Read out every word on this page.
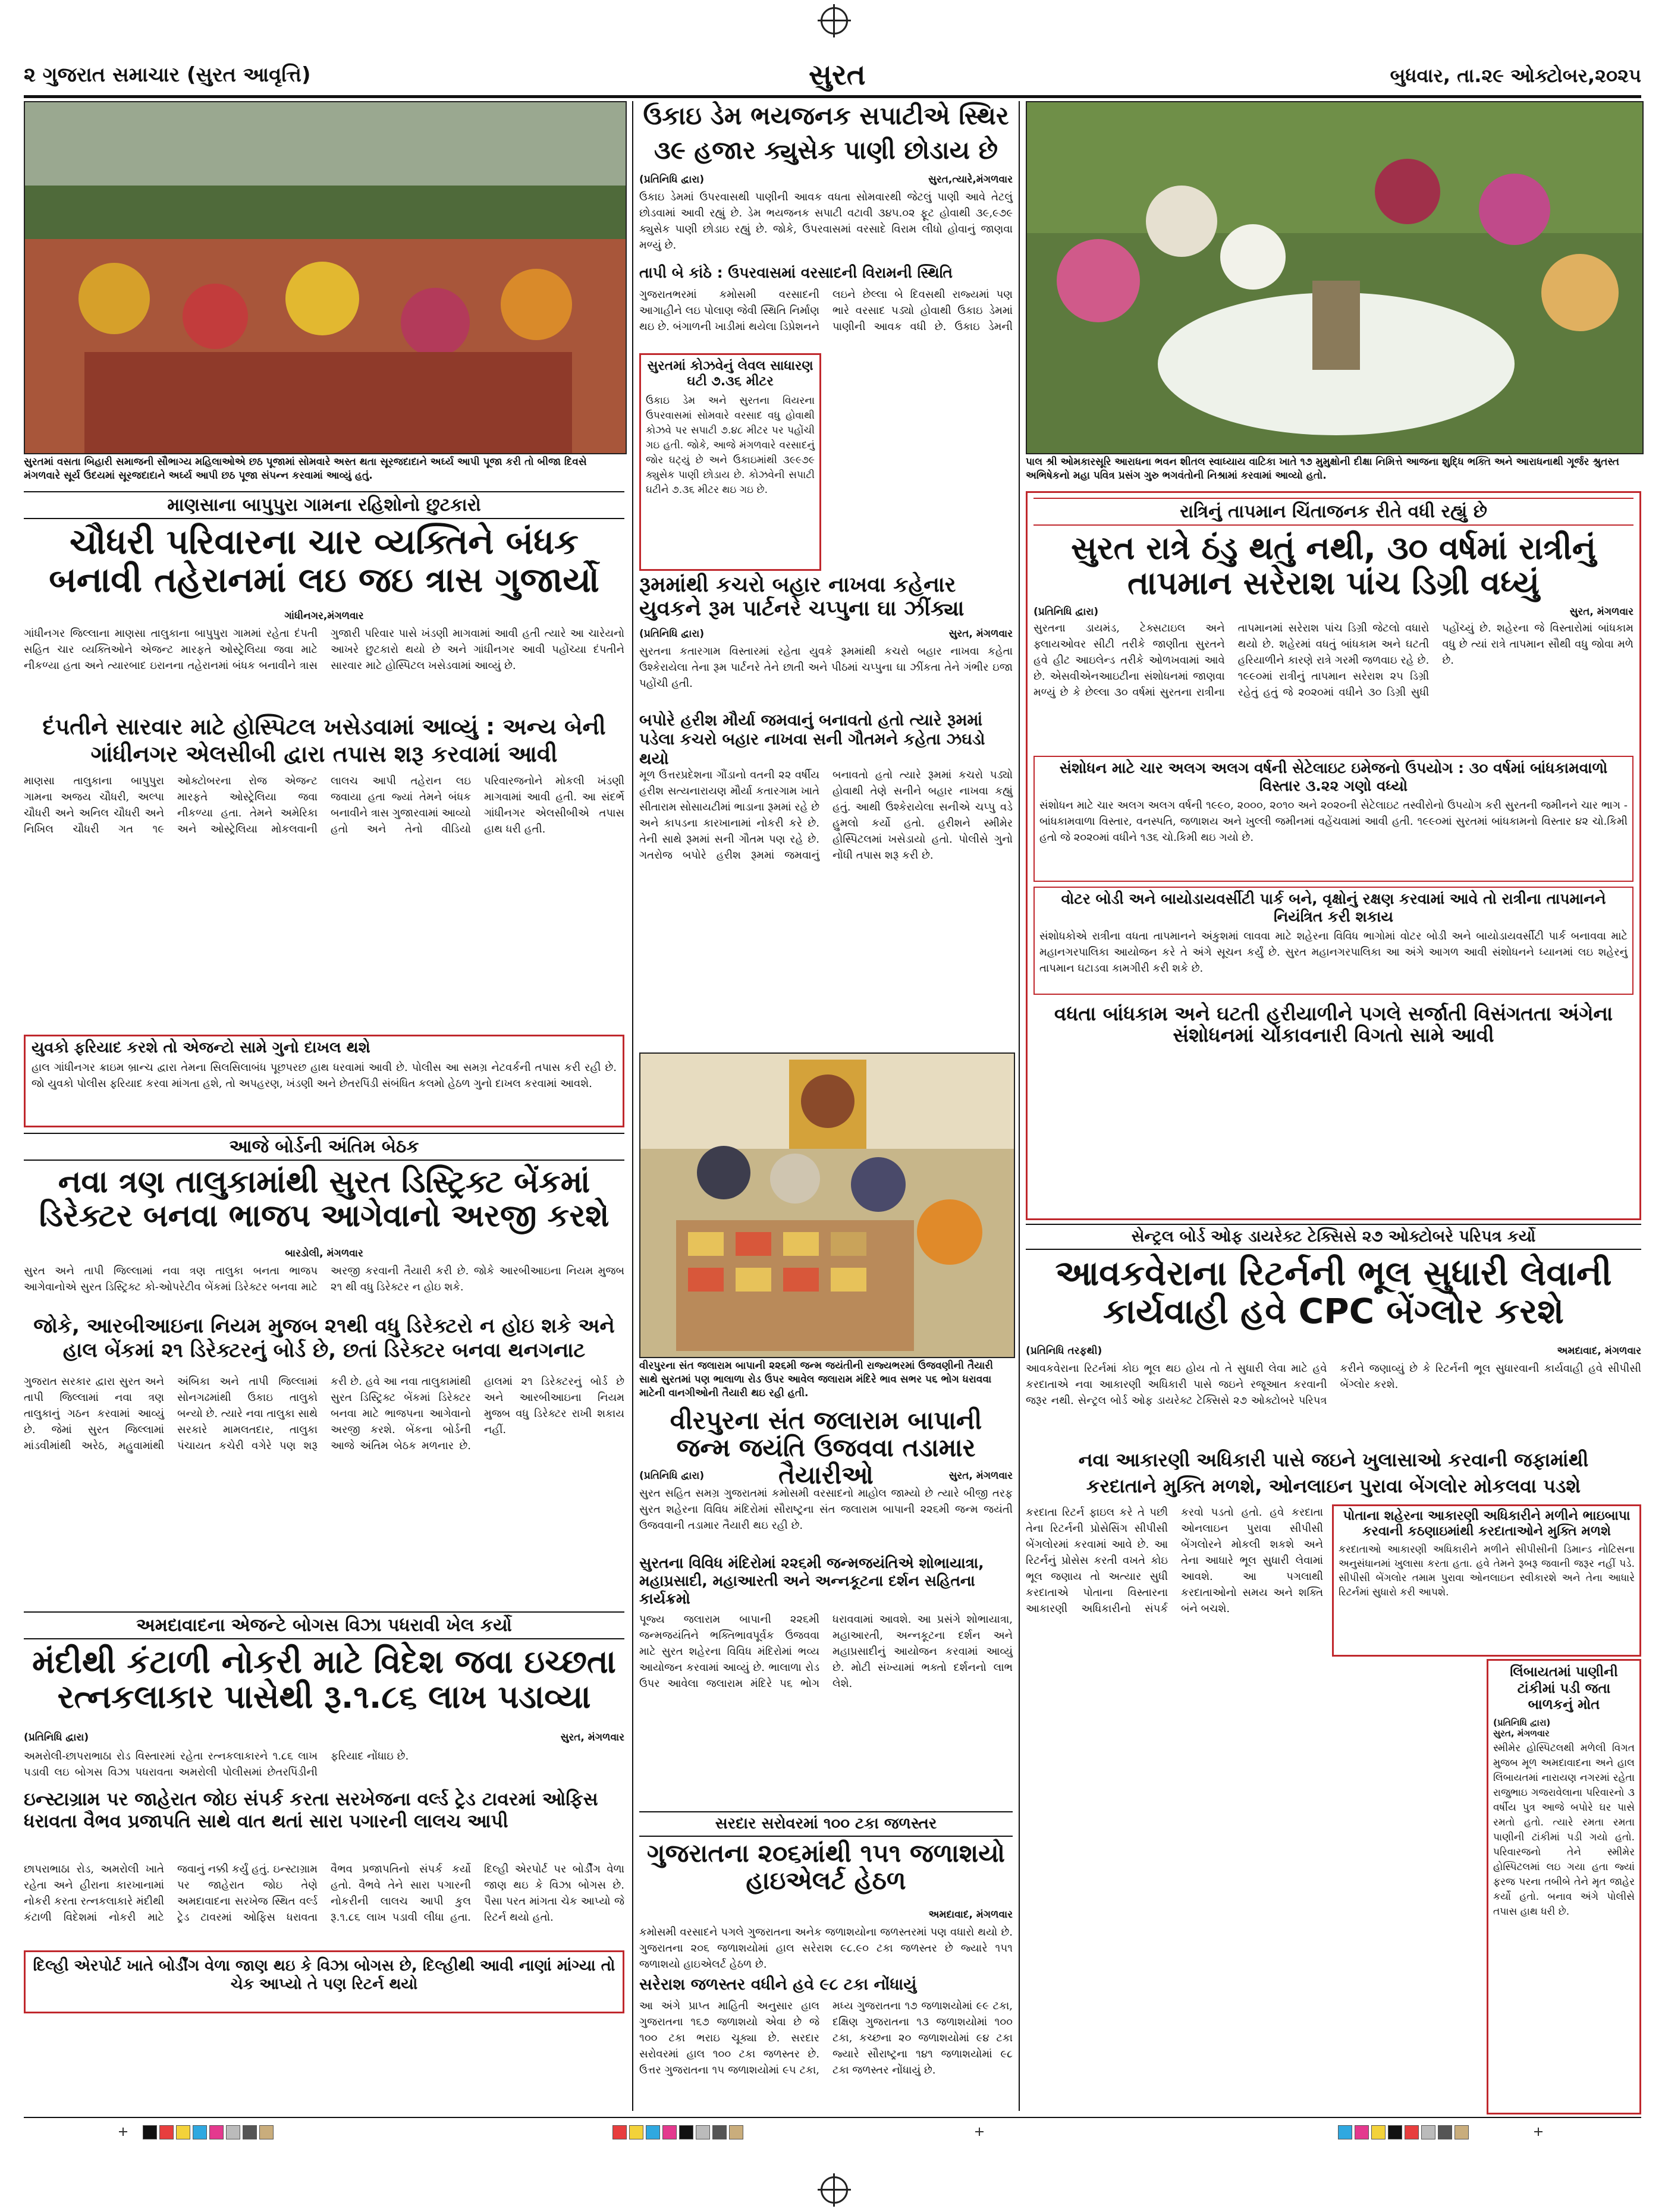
૨ ગુજરાત સમાચાર (સુરત આવૃત્તિ)	સુરત	બુધવાર, તા.૨૯ ઓક્ટોબર,૨૦૨૫
સુરતમાં વસતા બિહારી સમાજની સૌભાગ્ય મહિલાઓએ છઠ પૂજામાં સોમવારે અસ્ત થતા સૂરજદાદાને અર્ઘ્ય આપી પૂજા કરી તો બીજા દિવસે મંગળવારે સૂર્ય ઉદયમાં સૂરજદાદાને અર્ઘ્ય આપી છઠ પૂજા સંપન્ન કરવામાં આવ્યું હતું.
માણસાના બાપુપુરા ગામના રહિશોનો છુટકારો
ચૌધરી પરિવારના ચાર વ્યક્તિને બંધક બનાવી તહેરાનમાં લઇ જઇ ત્રાસ ગુજાર્યો
ગાંધીનગર,મંગળવાર
ગાંધીનગર જિલ્લાના માણસા તાલુકાના બાપુપુરા ગામમાં રહેતા દંપતી સહિત ચાર વ્યક્તિઓને એજન્ટ મારફતે ઓસ્ટ્રેલિયા જવા માટે નીકળ્યા હતા અને ત્યારબાદ ઇરાનના તહેરાનમાં બંધક બનાવીને ત્રાસ ગુજારી પરિવાર પાસે ખંડણી માગવામાં આવી હતી ત્યારે આ ચારેયનો આખરે છુટકારો થયો છે અને ગાંધીનગર આવી પહોંચ્યા દંપતીને સારવાર માટે હોસ્પિટલ ખસેડવામાં આવ્યું છે.
દંપતીને સારવાર માટે હોસ્પિટલ ખસેડવામાં આવ્યું : અન્ય બેની ગાંધીનગર એલસીબી દ્વારા તપાસ શરૂ કરવામાં આવી
માણસા તાલુકાના બાપુપુરા ગામના અજય ચૌધરી, અલ્પા ચૌધરી અને અનિલ ચૌધરી અને નિખિલ ચૌધરી ગત ૧૯ ઓક્ટોબરના રોજ એજન્ટ મારફતે ઓસ્ટ્રેલિયા જવા નીકળ્યા હતા. તેમને અમેરિકા અને ઓસ્ટ્રેલિયા મોકલવાની લાલચ આપી તહેરાન લઇ જવાયા હતા જ્યાં તેમને બંધક બનાવીને ત્રાસ ગુજારવામાં આવ્યો હતો અને તેનો વીડિયો પરિવારજનોને મોકલી ખંડણી માગવામાં આવી હતી. આ સંદર્ભે ગાંધીનગર એલસીબીએ તપાસ હાથ ધરી હતી.
યુવકો ફરિયાદ કરશે તો એજન્ટો સામે ગુનો દાખલ થશે
હાલ ગાંધીનગર ક્રાઇમ બ્રાન્ચ દ્વારા તેમના સિલસિલાબંધ પૂછપરછ હાથ ધરવામાં આવી છે. પોલીસ આ સમગ્ર નેટવર્કની તપાસ કરી રહી છે. જો યુવકો પોલીસ ફરિયાદ કરવા માંગતા હશે, તો અપહરણ, ખંડણી અને છેતરપિંડી સંબંધિત કલમો હેઠળ ગુનો દાખલ કરવામાં આવશે.
આજે બોર્ડની અંતિમ બેઠક
નવા ત્રણ તાલુકામાંથી સુરત ડિસ્ટ્રિક્ટ બેંકમાં ડિરેક્ટર બનવા ભાજપ આગેવાનો અરજી કરશે
બારડોલી, મંગળવાર
સુરત અને તાપી જિલ્લામાં નવા ત્રણ તાલુકા બનતા ભાજપ આગેવાનોએ સુરત ડિસ્ટ્રિક્ટ કો-ઓપરેટીવ બેંકમાં ડિરેક્ટર બનવા માટે અરજી કરવાની તૈયારી કરી છે. જોકે આરબીઆઇના નિયમ મુજબ ૨૧ થી વધુ ડિરેક્ટર ન હોઇ શકે.
જોકે, આરબીઆઇના નિયમ મુજબ ૨૧થી વધુ ડિરેક્ટરો ન હોઇ શકે અને હાલ બેંકમાં ૨૧ ડિરેક્ટરનું બોર્ડ છે, છતાં ડિરેક્ટર બનવા થનગનાટ
ગુજરાત સરકાર દ્વારા સુરત અને તાપી જિલ્લામાં નવા ત્રણ તાલુકાનું ગઠન કરવામાં આવ્યું છે. જેમાં સુરત જિલ્લામાં માંડવીમાંથી અરેઠ, મહુવામાંથી અંબિકા અને તાપી જિલ્લામાં સોનગઢમાંથી ઉકાઇ તાલુકો બન્યો છે. ત્યારે નવા તાલુકા સાથે સરકારે મામલતદાર, તાલુકા પંચાયત કચેરી વગેરે પણ શરૂ કરી છે. હવે આ નવા તાલુકામાંથી સુરત ડિસ્ટ્રિક્ટ બેંકમાં ડિરેક્ટર બનવા માટે ભાજપના આગેવાનો અરજી કરશે. બેંકના બોર્ડની આજે અંતિમ બેઠક મળનાર છે. હાલમાં ૨૧ ડિરેક્ટરનું બોર્ડ છે અને આરબીઆઇના નિયમ મુજબ વધુ ડિરેક્ટર રાખી શકાય નહીં.
અમદાવાદના એજન્ટે બોગસ વિઝા પધરાવી ખેલ કર્યો
મંદીથી કંટાળી નોકરી માટે વિદેશ જવા ઇચ્છતા રત્નકલાકાર પાસેથી રૂ.૧.૮૬ લાખ પડાવ્યા
(પ્રતિનિધિ દ્વારા)	સુરત, મંગળવાર
અમરોલી-છાપરાભાઠા રોડ વિસ્તારમાં રહેતા રત્નકલાકારને ૧.૮૬ લાખ પડાવી લઇ બોગસ વિઝા પધરાવતા અમરોલી પોલીસમાં છેતરપિંડીની ફરિયાદ નોંધાઇ છે.
ઇન્સ્ટાગ્રામ પર જાહેરાત જોઇ સંપર્ક કરતા સરખેજના વર્લ્ડ ટ્રેડ ટાવરમાં ઓફિસ ધરાવતા વૈભવ પ્રજાપતિ સાથે વાત થતાં સારા પગારની લાલચ આપી
છાપરાભાઠા રોડ, અમરોલી ખાતે રહેતા અને હીરાના કારખાનામાં નોકરી કરતા રત્નકલાકારે મંદીથી કંટાળી વિદેશમાં નોકરી માટે જવાનું નક્કી કર્યું હતું. ઇન્સ્ટાગ્રામ પર જાહેરાત જોઇ તેણે અમદાવાદના સરખેજ સ્થિત વર્લ્ડ ટ્રેડ ટાવરમાં ઓફિસ ધરાવતા વૈભવ પ્રજાપતિનો સંપર્ક કર્યો હતો. વૈભવે તેને સારા પગારની નોકરીની લાલચ આપી કુલ રૂ.૧.૮૬ લાખ પડાવી લીધા હતા. દિલ્હી એરપોર્ટ પર બોર્ડીંગ વેળા જાણ થઇ કે વિઝા બોગસ છે. પૈસા પરત માંગતા ચેક આપ્યો જે રિટર્ન થયો હતો.
દિલ્હી એરપોર્ટ ખાતે બોર્ડીંગ વેળા જાણ થઇ કે વિઝા બોગસ છે, દિલ્હીથી આવી નાણાં માંગ્યા તો ચેક આપ્યો તે પણ રિટર્ન થયો
ઉકાઇ ડેમ ભયજનક સપાટીએ સ્થિર
૩૯ હજાર ક્યુસેક પાણી છોડાય છે
(પ્રતિનિધિ દ્વારા)	સુરત,ત્યારે,મંગળવાર
ઉકાઇ ડેમમાં ઉપરવાસથી પાણીની આવક વધતા સોમવારથી જેટલું પાણી આવે તેટલું છોડવામાં આવી રહ્યું છે. ડેમ ભયજનક સપાટી વટાવી ૩૪૫.૦૨ ફૂટ હોવાથી ૩૯,૯૭૯ ક્યુસેક પાણી છોડાઇ રહ્યું છે. જોકે, ઉપરવાસમાં વરસાદે વિરામ લીધો હોવાનું જાણવા મળ્યું છે.
તાપી બે કાંઠે : ઉપરવાસમાં વરસાદની વિરામની સ્થિતિ
ગુજરાતભરમાં કમોસમી વરસાદની આગાહીને લઇ પોલાણ જેવી સ્થિતિ નિર્માણ થઇ છે. બંગાળની ખાડીમાં થયેલા ડિપ્રેશનને લઇને છેલ્લા બે દિવસથી રાજ્યમાં પણ ભારે વરસાદ પડ્યો હોવાથી ઉકાઇ ડેમમાં પાણીની આવક વધી છે. ઉકાઇ ડેમની
સુરતમાં કોઝવેનું લેવલ સાધારણ ઘટી ૭.૩૬ મીટર
ઉકાઇ ડેમ અને સુરતના વિયરના ઉપરવાસમાં સોમવારે વરસાદ વધુ હોવાથી કોઝવે પર સપાટી ૭.૪૮ મીટર પર પહોંચી ગઇ હતી. જોકે, આજે મંગળવારે વરસાદનું જોર ઘટ્યું છે અને ઉકાઇમાંથી ૩૯૯૭૯ ક્યુસેક પાણી છોડાય છે. કોઝવેની સપાટી ઘટીને ૭.૩૬ મીટર થઇ ગઇ છે.
રૂમમાંથી કચરો બહાર નાખવા કહેનાર યુવકને રૂમ પાર્ટનરે ચપ્પુના ઘા ઝીંક્યા
(પ્રતિનિધિ દ્વારા)	સુરત, મંગળવાર
સુરતના કતારગામ વિસ્તારમાં રહેતા યુવકે રૂમમાંથી કચરો બહાર નાખવા કહેતા ઉશ્કેરાયેલા તેના રૂમ પાર્ટનરે તેને છાતી અને પીઠમાં ચપ્પુના ઘા ઝીંકતા તેને ગંભીર ઇજા પહોંચી હતી.
બપોરે હરીશ મૌર્યા જમવાનું બનાવતો હતો ત્યારે રૂમમાં પડેલા કચરો બહાર નાખવા સની ગૌતમને કહેતા ઝઘડો થયો
મૂળ ઉત્તરપ્રદેશના ગૌંડાનો વતની ૨૨ વર્ષીય હરીશ સત્યનારાયણ મૌર્યા કતારગામ ખાતે સીતારામ સોસાયટીમાં ભાડાના રૂમમાં રહે છે અને કાપડના કારખાનામાં નોકરી કરે છે. તેની સાથે રૂમમાં સની ગૌતમ પણ રહે છે. ગતરોજ બપોરે હરીશ રૂમમાં જમવાનું બનાવતો હતો ત્યારે રૂમમાં કચરો પડ્યો હોવાથી તેણે સનીને બહાર નાખવા કહ્યું હતું. આથી ઉશ્કેરાયેલા સનીએ ચપ્પુ વડે હુમલો કર્યો હતો. હરીશને સ્મીમેર હોસ્પિટલમાં ખસેડાયો હતો. પોલીસે ગુનો નોંધી તપાસ શરૂ કરી છે.
વીરપુરના સંત જલારામ બાપાની ૨૨૬મી જન્મ જયંતીની રાજ્યભરમાં ઉજવણીની તૈયારી સાથે સુરતમાં પણ ભાલાળા રોડ ઉપર આવેલ જલારામ મંદિરે ભાવ સભર ૫૬ ભોગ ધરાવવા માટેની વાનગીઓની તૈયારી થઇ રહી હતી.
વીરપુરના સંત જલારામ બાપાની જન્મ જયંતિ ઉજવવા તડામાર તૈયારીઓ
(પ્રતિનિધિ દ્વારા)	સુરત, મંગળવાર
સુરત સહિત સમગ્ર ગુજરાતમાં કમોસમી વરસાદનો માહોલ જામ્યો છે ત્યારે બીજી તરફ સુરત શહેરના વિવિધ મંદિરોમાં સૌરાષ્ટ્રના સંત જલારામ બાપાની ૨૨૬મી જન્મ જયંતી ઉજવવાની તડામાર તૈયારી થઇ રહી છે.
સુરતના વિવિધ મંદિરોમાં ૨૨૬મી જન્મજયંતિએ શોભાયાત્રા, મહાપ્રસાદી, મહાઆરતી અને અન્નકૂટના દર્શન સહિતના કાર્યક્રમો
પૂજ્ય જલારામ બાપાની ૨૨૬મી જન્મજયંતિને ભક્તિભાવપૂર્વક ઉજવવા માટે સુરત શહેરના વિવિધ મંદિરોમાં ભવ્ય આયોજન કરવામાં આવ્યું છે. ભાલાળા રોડ ઉપર આવેલા જલારામ મંદિરે ૫૬ ભોગ ધરાવવામાં આવશે. આ પ્રસંગે શોભાયાત્રા, મહાઆરતી, અન્નકૂટના દર્શન અને મહાપ્રસાદીનું આયોજન કરવામાં આવ્યું છે. મોટી સંખ્યામાં ભક્તો દર્શનનો લાભ લેશે.
સરદાર સરોવરમાં ૧૦૦ ટકા જળસ્તર
ગુજરાતના ૨૦૬માંથી ૧૫૧ જળાશયો હાઇએલર્ટ હેઠળ
અમદાવાદ, મંગળવાર
કમોસમી વરસાદને પગલે ગુજરાતના અનેક જળાશયોના જળસ્તરમાં પણ વધારો થયો છે. ગુજરાતના ૨૦૬ જળાશયોમાં હાલ સરેરાશ ૯૮.૯૦ ટકા જળસ્તર છે જ્યારે ૧૫૧ જળાશયો હાઇએલર્ટ હેઠળ છે.
સરેરાશ જળસ્તર વધીને હવે ૯૮ ટકા નોંધાયું
આ અંગે પ્રાપ્ત માહિતી અનુસાર હાલ ગુજરાતના ૧૬૭ જળાશયો એવા છે જે ૧૦૦ ટકા ભરાઇ ચૂક્યા છે. સરદાર સરોવરમાં હાલ ૧૦૦ ટકા જળસ્તર છે. ઉત્તર ગુજરાતના ૧૫ જળાશયોમાં ૯૫ ટકા, મધ્ય ગુજરાતના ૧૭ જળાશયોમાં ૯૯ ટકા, દક્ષિણ ગુજરાતના ૧૩ જળાશયોમાં ૧૦૦ ટકા, કચ્છના ૨૦ જળાશયોમાં ૯૪ ટકા જ્યારે સૌરાષ્ટ્રના ૧૪૧ જળાશયોમાં ૯૮ ટકા જળસ્તર નોંધાયું છે.
પાલ શ્રી ઓમકારસૂરિ આરાધના ભવન શીતલ સ્વાધ્યાય વાટિકા ખાતે ૧૭ મુમુક્ષોની દીક્ષા નિમિત્તે આજના શુદ્ધિ ભક્તિ અને આરાધનાથી ગૂર્જર શ્રુતસ્ત અભિષેકનો મહા પવિત્ર પ્રસંગ ગુરુ ભગવંતોની નિશ્રામાં કરવામાં આવ્યો હતો.
રાત્રિનું તાપમાન ચિંતાજનક રીતે વધી રહ્યું છે
સુરત રાત્રે ઠંડુ થતું નથી, ૩૦ વર્ષમાં રાત્રીનું તાપમાન સરેરાશ પાંચ ડિગ્રી વધ્યું
(પ્રતિનિધિ દ્વારા)	સુરત, મંગળવાર
સુરતના ડાયમંડ, ટેક્સટાઇલ અને ફ્લાયઓવર સીટી તરીકે જાણીતા સુરતને હવે હીટ આઇલેન્ડ તરીકે ઓળખવામાં આવે છે. એસવીએનઆઇટીના સંશોધનમાં જાણવા મળ્યું છે કે છેલ્લા ૩૦ વર્ષમાં સુરતના રાત્રીના તાપમાનમાં સરેરાશ પાંચ ડિગ્રી જેટલો વધારો થયો છે. શહેરમાં વધતું બાંધકામ અને ઘટતી હરિયાળીને કારણે રાત્રે ગરમી જળવાઇ રહે છે. ૧૯૯૦માં રાત્રીનું તાપમાન સરેરાશ ૨૫ ડિગ્રી રહેતું હતું જે ૨૦૨૦માં વધીને ૩૦ ડિગ્રી સુધી પહોંચ્યું છે. શહેરના જે વિસ્તારોમાં બાંધકામ વધુ છે ત્યાં રાત્રે તાપમાન સૌથી વધુ જોવા મળે છે.
સંશોધન માટે ચાર અલગ અલગ વર્ષની સેટેલાઇટ ઇમેજનો ઉપયોગ : ૩૦ વર્ષમાં બાંધકામવાળો વિસ્તાર ૩.૨૨ ગણો વધ્યો
સંશોધન માટે ચાર અલગ અલગ વર્ષની ૧૯૯૦, ૨૦૦૦, ૨૦૧૦ અને ૨૦૨૦ની સેટેલાઇટ તસ્વીરોનો ઉપયોગ કરી સુરતની જમીનને ચાર ભાગ - બાંધકામવાળા વિસ્તાર, વનસ્પતિ, જળાશય અને ખુલ્લી જમીનમાં વહેંચવામાં આવી હતી. ૧૯૯૦માં સુરતમાં બાંધકામનો વિસ્તાર ૪૨ ચો.કિમી હતો જે ૨૦૨૦માં વધીને ૧૩૬ ચો.કિમી થઇ ગયો છે.
વોટર બોડી અને બાયોડાયવર્સીટી પાર્ક બને, વૃક્ષોનું રક્ષણ કરવામાં આવે તો રાત્રીના તાપમાનને નિયંત્રિત કરી શકાય
સંશોધકોએ રાત્રીના વધતા તાપમાનને અંકુશમાં લાવવા માટે શહેરના વિવિધ ભાગોમાં વોટર બોડી અને બાયોડાયવર્સીટી પાર્ક બનાવવા માટે મહાનગરપાલિકા આયોજન કરે તે અંગે સૂચન કર્યું છે. સુરત મહાનગરપાલિકા આ અંગે આગળ આવી સંશોધનને ધ્યાનમાં લઇ શહેરનું તાપમાન ઘટાડવા કામગીરી કરી શકે છે.
વધતા બાંધકામ અને ઘટતી હરીયાળીને પગલે સર્જાતી વિસંગતતા અંગેના સંશોધનમાં ચોંકાવનારી વિગતો સામે આવી
સેન્ટ્રલ બોર્ડ ઓફ ડાયરેક્ટ ટેક્સિસે ૨૭ ઓક્ટોબરે પરિપત્ર કર્યો
આવકવેરાના રિટર્નની ભૂલ સુધારી લેવાની કાર્યવાહી હવે CPC બેંગ્લોર કરશે
(પ્રતિનિધિ તરફથી)	અમદાવાદ, મંગળવાર
આવકવેરાના રિટર્નમાં કોઇ ભૂલ થઇ હોય તો તે સુધારી લેવા માટે હવે કરદાતાએ નવા આકારણી અધિકારી પાસે જઇને રજૂઆત કરવાની જરૂર નથી. સેન્ટ્રલ બોર્ડ ઓફ ડાયરેક્ટ ટેક્સિસે ૨૭ ઓક્ટોબરે પરિપત્ર કરીને જણાવ્યું છે કે રિટર્નની ભૂલ સુધારવાની કાર્યવાહી હવે સીપીસી બેંગ્લોર કરશે.
નવા આકારણી અધિકારી પાસે જઇને ખુલાસાઓ કરવાની જફામાંથી
કરદાતાને મુક્તિ મળશે, ઓનલાઇન પુરાવા બેંગલોર મોકલવા પડશે
કરદાતા રિટર્ન ફાઇલ કરે તે પછી તેના રિટર્નની પ્રોસેસિંગ સીપીસી બેંગલોરમાં કરવામાં આવે છે. આ રિટર્નનું પ્રોસેસ કરતી વખતે કોઇ ભૂલ જણાય તો અત્યાર સુધી કરદાતાએ પોતાના વિસ્તારના આકારણી અધિકારીનો સંપર્ક કરવો પડતો હતો. હવે કરદાતા ઓનલાઇન પુરાવા સીપીસી બેંગલોરને મોકલી શકશે અને તેના આધારે ભૂલ સુધારી લેવામાં આવશે. આ પગલાથી કરદાતાઓનો સમય અને શક્તિ બંને બચશે.
પોતાના શહેરના આકારણી અધિકારીને મળીને ભાઇબાપા કરવાની કઠણાઇમાંથી કરદાતાઓને મુક્તિ મળશે
કરદાતાઓ આકારણી અધિકારીને મળીને સીપીસીની ડિમાન્ડ નોટિસના અનુસંધાનમાં ખુલાસા કરતા હતા. હવે તેમને રૂબરૂ જવાની જરૂર નહીં પડે. સીપીસી બેંગલોર તમામ પુરાવા ઓનલાઇન સ્વીકારશે અને તેના આધારે રિટર્નમાં સુધારો કરી આપશે.
લિંબાયતમાં પાણીની ટાંકીમાં પડી જતા બાળકનું મોત
(પ્રતિનિધિ દ્વારા)
સુરત, મંગળવાર
સ્મીમેર હોસ્પિટલથી મળેલી વિગત મુજબ મૂળ અમદાવાદના અને હાલ લિંબાયતમાં નારાયણ નગરમાં રહેતા રાજુભાઇ ગજરાવેલાના પરિવારનો ૩ વર્ષીય પુત્ર આજે બપોરે ઘર પાસે રમતો હતો. ત્યારે રમતા રમતા પાણીની ટાંકીમાં પડી ગયો હતો. પરિવારજનો તેને સ્મીમેર હોસ્પિટલમાં લઇ ગયા હતા જ્યાં ફરજ પરના તબીબે તેને મૃત જાહેર કર્યો હતો. બનાવ અંગે પોલીસે તપાસ હાથ ધરી છે.
